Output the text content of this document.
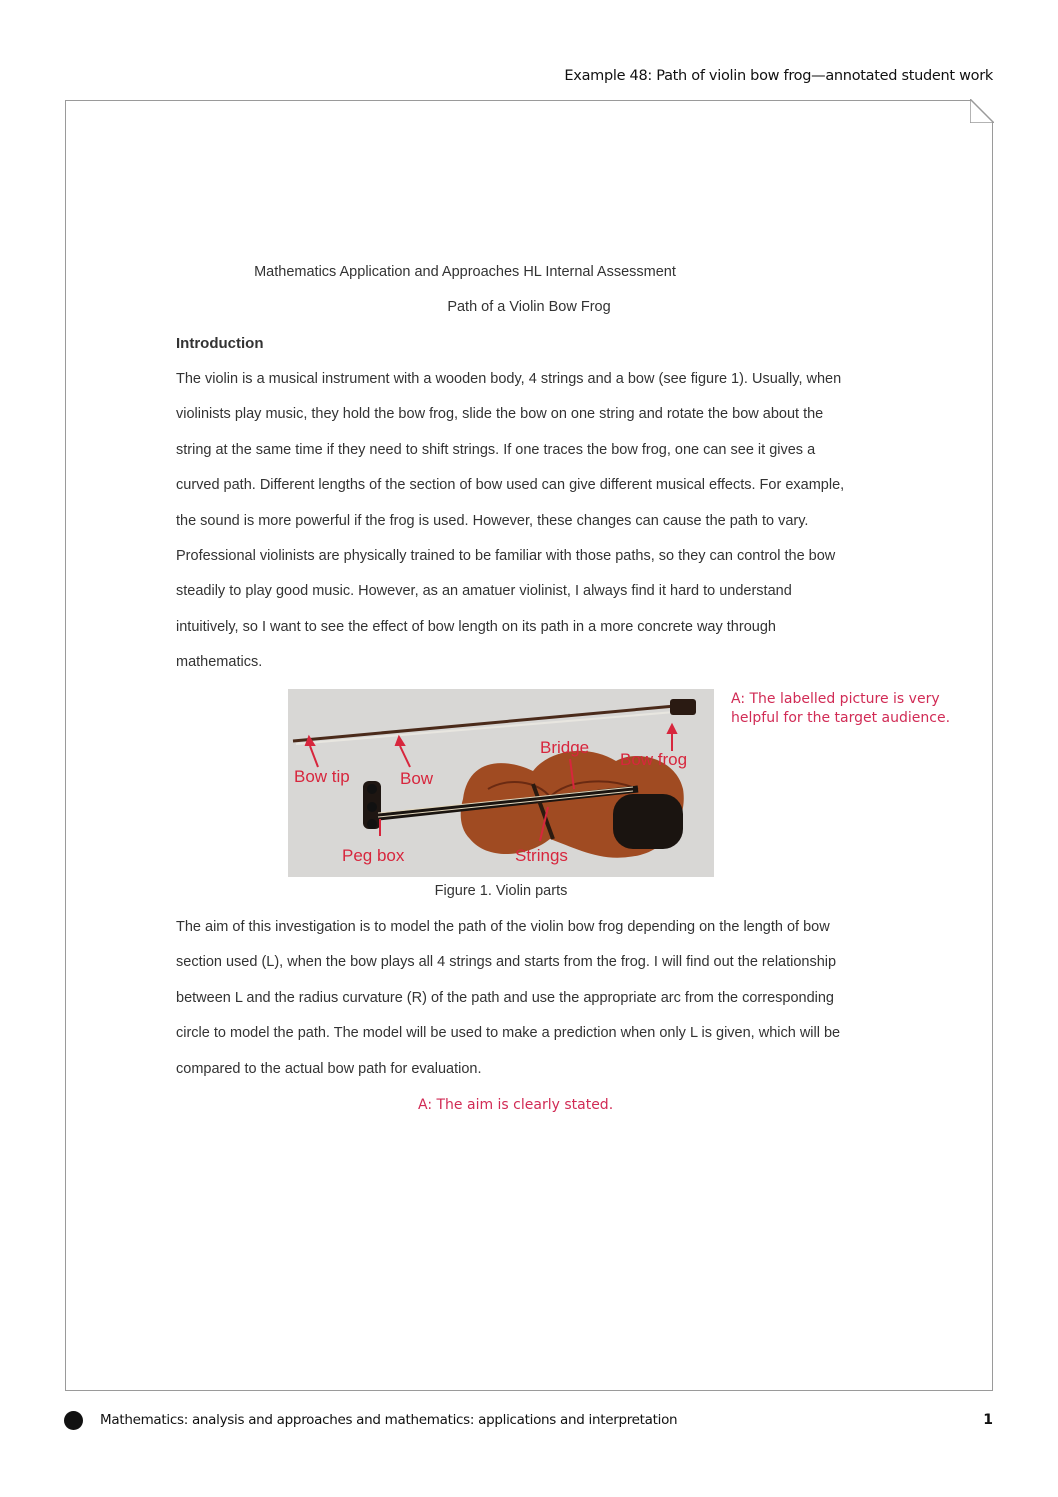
Example 48: Path of violin bow frog—annotated student work
Mathematics Application and Approaches HL Internal Assessment
Path of a Violin Bow Frog
Introduction

The violin is a musical instrument with a wooden body, 4 strings and a bow (see figure 1). Usually, when violinists play music, they hold the bow frog, slide the bow on one string and rotate the bow about the string at the same time if they need to shift strings. If one traces the bow frog, one can see it gives a curved path. Different lengths of the section of bow used can give different musical effects. For example, the sound is more powerful if the frog is used. However, these changes can cause the path to vary. Professional violinists are physically trained to be familiar with those paths, so they can control the bow steadily to play good music. However, as an amatuer violinist, I always find it hard to understand intuitively, so I want to see the effect of bow length on its path in a more concrete way through mathematics.

Bow tip	Bow
Bridge
Bow frog
Peg box	Strings
Figure 1. Violin parts
A: The labelled picture is very helpful for the target audience.

The aim of this investigation is to model the path of the violin bow frog depending on the length of bow section used (L), when the bow plays all 4 strings and starts from the frog. I will find out the relationship between L and the radius curvature (R) of the path and use the appropriate arc from the corresponding circle to model the path. The model will be used to make a prediction when only L is given, which will be compared to the actual bow path for evaluation.

A: The aim is clearly stated.
Mathematics: analysis and approaches and mathematics: applications and interpretation	1
